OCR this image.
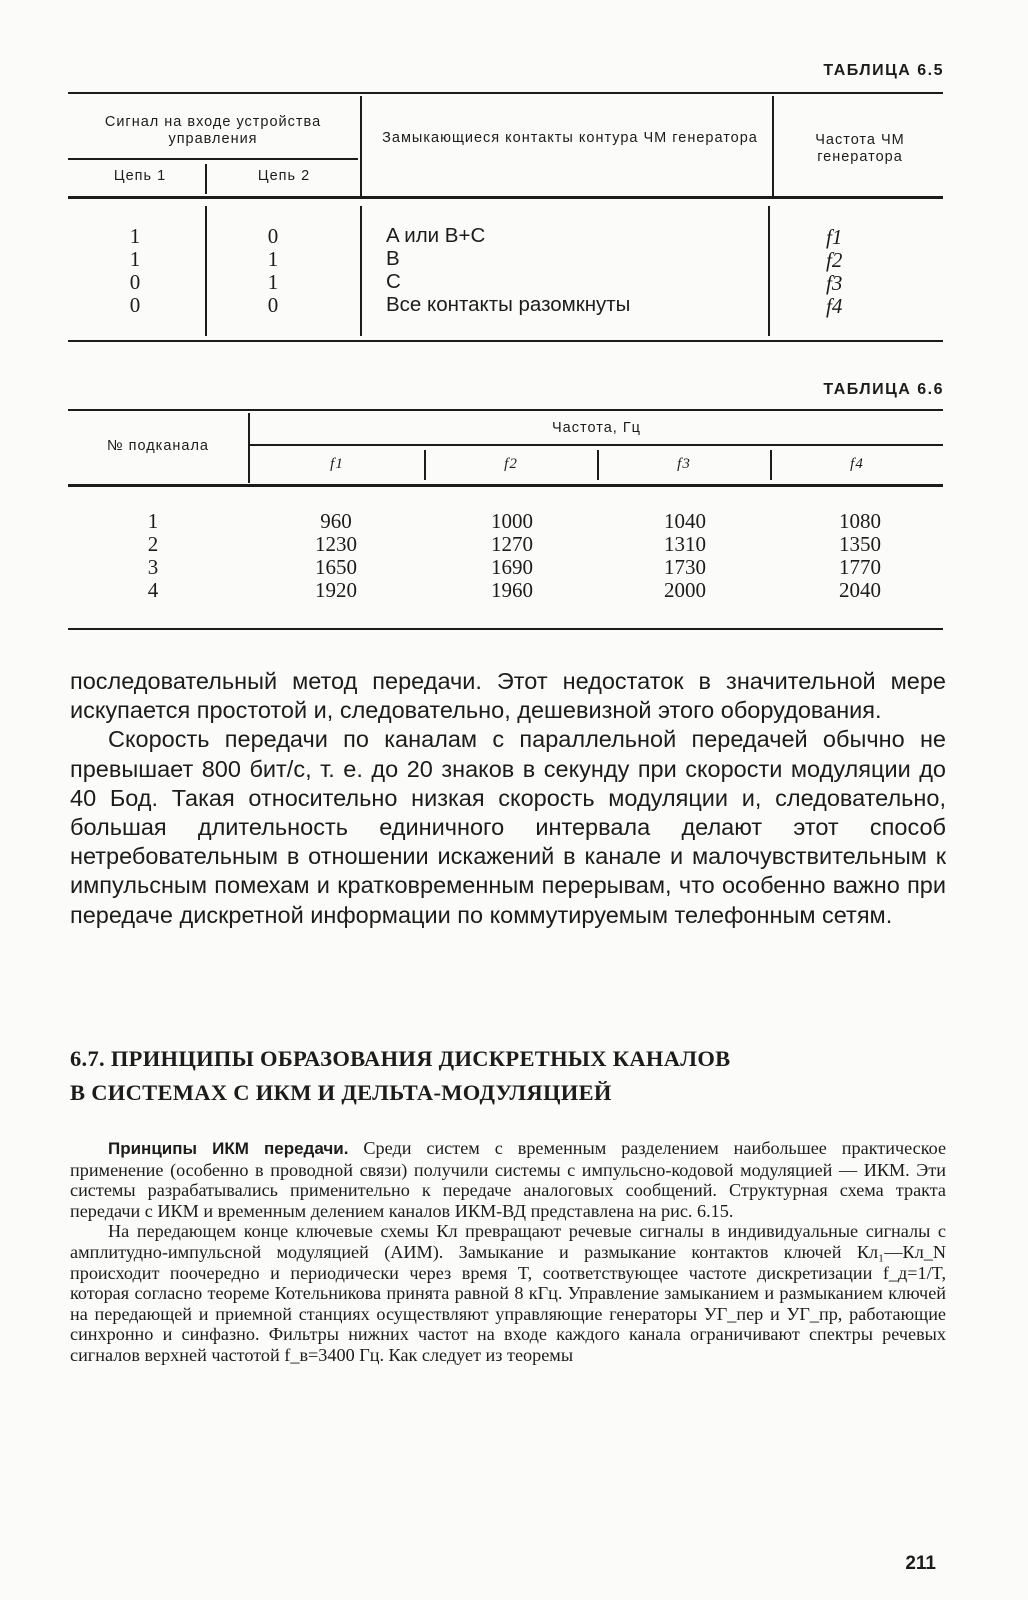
ТАБЛИЦА 6.5
Сигнал на входе устройства управления
Цепь 1	Цепь 2
Замыкающиеся контакты контура ЧМ генератора	Частота ЧМ генератора
1	0	A или B+C	f1
1	1	B	f2
0	1	C	f3
0	0	Все контакты разомкнуты	f4
ТАБЛИЦА 6.6
№ подканала
Частота, Гц
f1	f2	f3	f4
1	960	1000	1040	1080
2	1230	1270	1310	1350
3	1650	1690	1730	1770
4	1920	1960	2000	2040

последовательный метод передачи. Этот недостаток в значительной мере искупается простотой и, следовательно, дешевизной этого оборудования.

Скорость передачи по каналам с параллельной передачей обычно не превышает 800 бит/с, т. е. до 20 знаков в секунду при скорости модуляции до 40 Бод. Такая относительно низкая скорость модуляции и, следовательно, большая длительность единичного интервала делают этот способ нетребовательным в отношении искажений в канале и малочувствительным к импульсным помехам и кратковременным перерывам, что особенно важно при передаче дискретной информации по коммутируемым телефонным сетям.

6.7. ПРИНЦИПЫ ОБРАЗОВАНИЯ ДИСКРЕТНЫХ КАНАЛОВ
В СИСТЕМАХ С ИКМ И ДЕЛЬТА-МОДУЛЯЦИЕЙ

Принципы ИКМ передачи. Среди систем с временным разделением наибольшее практическое применение (особенно в проводной связи) получили системы с импульсно-кодовой модуляцией — ИКМ. Эти системы разрабатывались применительно к передаче аналоговых сообщений. Структурная схема тракта передачи с ИКМ и временным делением каналов ИКМ-ВД представлена на рис. 6.15.

На передающем конце ключевые схемы Кл превращают речевые сигналы в индивидуальные сигналы с амплитудно-импульсной модуляцией (АИМ). Замыкание и размыкание контактов ключей Кл₁—Кл_N происходит поочередно и периодически через время T, соответствующее частоте дискретизации f_д=1/T, которая согласно теореме Котельникова принята равной 8 кГц. Управление замыканием и размыканием ключей на передающей и приемной станциях осуществляют управляющие генераторы УГ_пер и УГ_пр, работающие синхронно и синфазно. Фильтры нижних частот на входе каждого канала ограничивают спектры речевых сигналов верхней частотой f_в=3400 Гц. Как следует из теоремы

211
